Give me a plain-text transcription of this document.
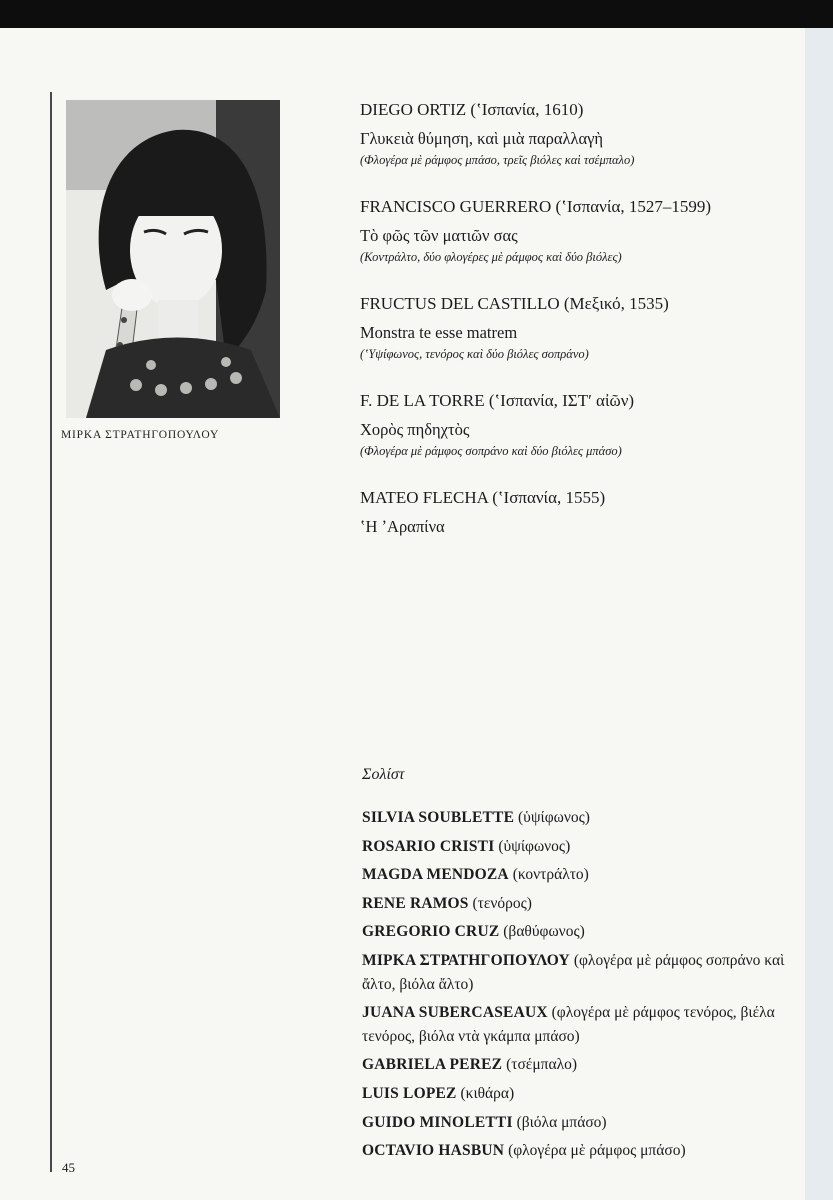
ΜΙΡΚΑ ΣΤΡΑΤΗΓΟΠΟΥΛΟΥ
DIEGO ORTIZ (ʽΙσπανία, 1610)
Γλυκειὰ θύμηση, καὶ μιὰ παραλλαγὴ
(Φλογέρα μὲ ράμφος μπάσο, τρεῖς βιόλες καὶ τσέμπαλο)
FRANCISCO GUERRERO (ʽΙσπανία, 1527–1599)
Τὸ φῶς τῶν ματιῶν σας
(Κοντράλτο, δύο φλογέρες μὲ ράμφος καὶ δύο βιόλες)
FRUCTUS DEL CASTILLO (Μεξικό, 1535)
Monstra te esse matrem
(ʽΥψίφωνος, τενόρος καὶ δύο βιόλες σοπράνο)
F. DE LA TORRE (ʽΙσπανία, ΙΣΤʹ αἰῶν)
Χορὸς πηδηχτὸς
(Φλογέρα μὲ ράμφος σοπράνο καὶ δύο βιόλες μπάσο)
MATEO FLECHA (ʽΙσπανία, 1555)
ʽΗ ʼΑραπίνα
Σολίστ
SILVIA SOUBLETTE (ὑψίφωνος)
ROSARIO CRISTI (ὑψίφωνος)
MAGDA MENDOZA (κοντράλτο)
RENE RAMOS (τενόρος)
GREGORIO CRUZ (βαθύφωνος)
ΜΙΡΚΑ ΣΤΡΑΤΗΓΟΠΟΥΛΟΥ (φλογέρα μὲ ράμφος σοπράνο καὶ ἄλτο, βιόλα ἄλτο)
JUANA SUBERCASEAUX (φλογέρα μὲ ράμφος τενόρος, βιέλα τενόρος, βιόλα ντὰ γκάμπα μπάσο)
GABRIELA PEREZ (τσέμπαλο)
LUIS LOPEZ (κιθάρα)
GUIDO MINOLETTI (βιόλα μπάσο)
OCTAVIO HASBUN (φλογέρα μὲ ράμφος μπάσο)
45
